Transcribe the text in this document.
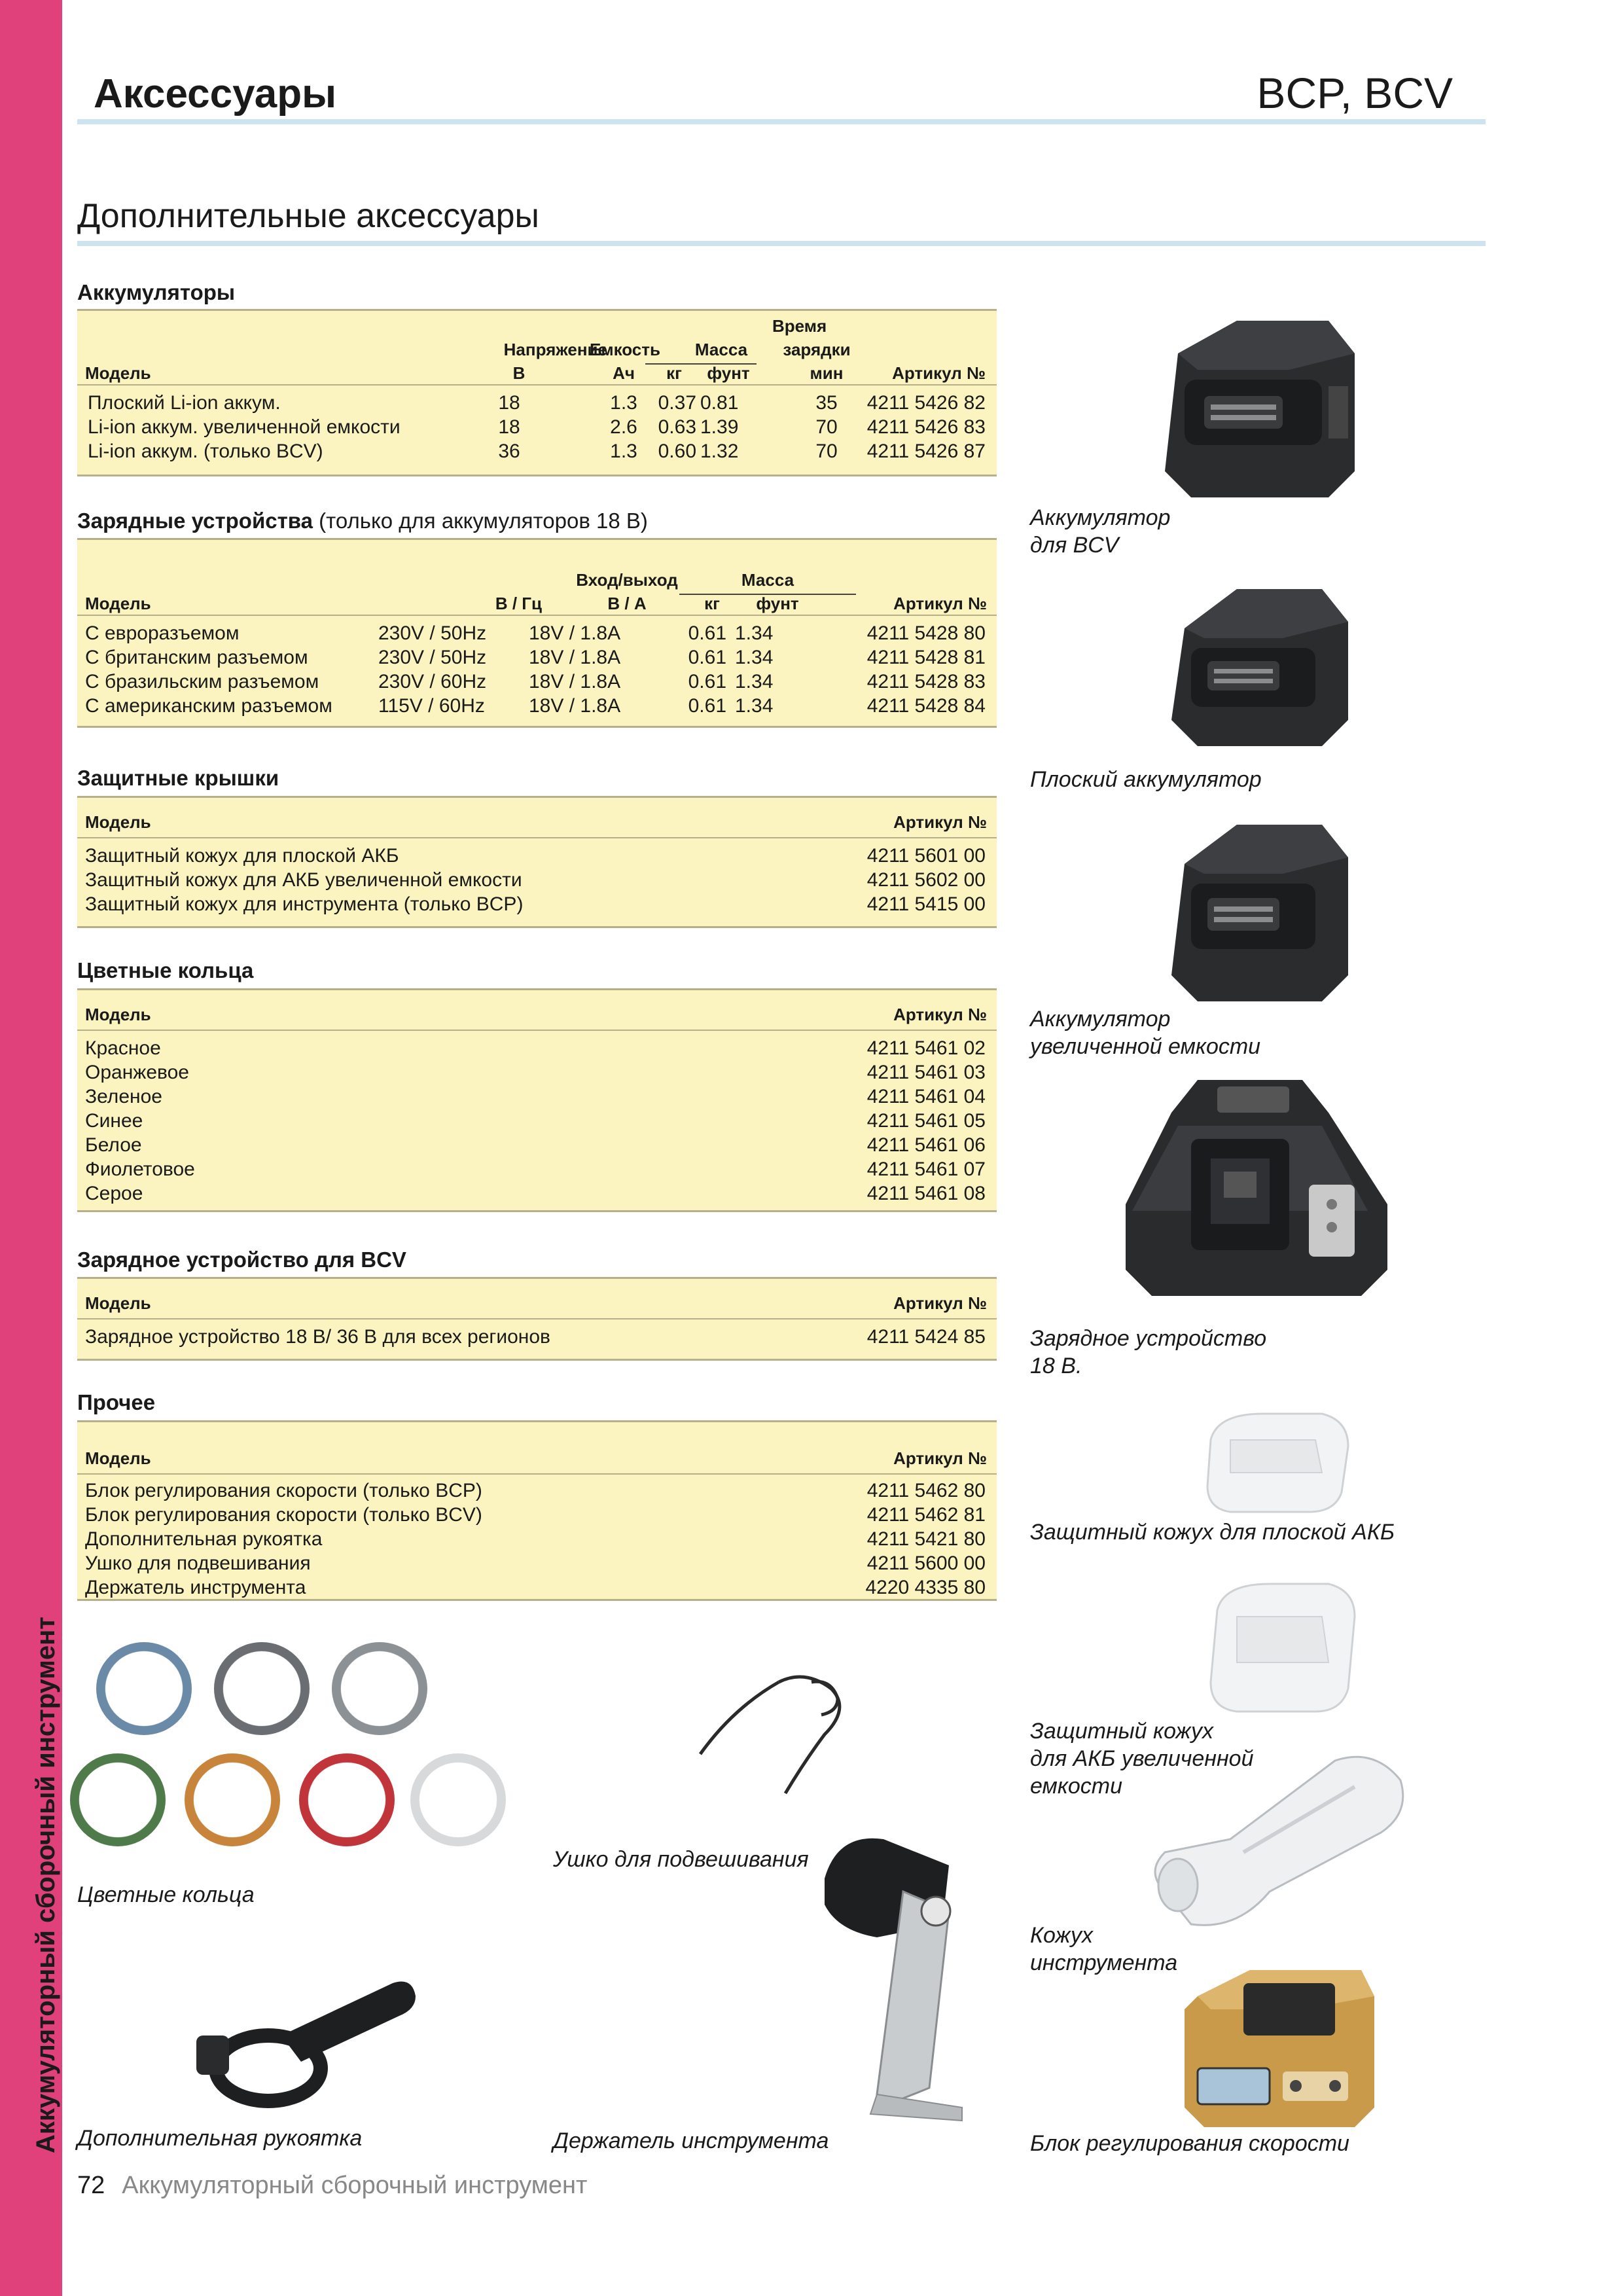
Аккумуляторный сборочный инструмент
Аксессуары	BCP, BCV
Дополнительные аксессуары
Аккумуляторы
Время
Напряжение
Емкость	Масса	зарядки
Модель	В	Ач	кг	фунт	мин	Артикул №
Плоский Li-ion аккум.	18	1.3	0.37 0.81	35	4211 5426 82
Li-ion аккум. увеличенной емкости	18	2.6	0.63 1.39	70	4211 5426 83
Li-ion аккум. (только BCV)	36	1.3	0.60 1.32	70	4211 5426 87
Зарядные устройства (только для аккумуляторов 18 В)
Вход/выход	Масса
Модель	В / Гц	В / А	кг	фунт	Артикул №
С евроразъемом	230V / 50Hz 18V / 1.8A	0.61 1.34	4211 5428 80
С британским разъемом	230V / 50Hz 18V / 1.8A	0.61 1.34	4211 5428 81
С бразильским разъемом	230V / 60Hz 18V / 1.8A	0.61 1.34	4211 5428 83
С американским разъемом 115V / 60Hz 18V / 1.8A	0.61 1.34	4211 5428 84
Защитные крышки
Модель	Артикул №
Защитный кожух для плоской АКБ	4211 5601 00
Защитный кожух для АКБ увеличенной емкости	4211 5602 00
Защитный кожух для инструмента (только BCP)	4211 5415 00
Цветные кольца
Модель	Артикул №
Красное	4211 5461 02
Оранжевое	4211 5461 03
Зеленое	4211 5461 04
Синее	4211 5461 05
Белое	4211 5461 06
Фиолетовое	4211 5461 07
Серое	4211 5461 08
Зарядное устройство для BCV
Модель	Артикул №
Зарядное устройство 18 В/ 36 В для всех регионов	4211 5424 85
Прочее
Модель	Артикул №
Блок регулирования скорости (только BCP)	4211 5462 80
Блок регулирования скорости (только BCV)	4211 5462 81
Дополнительная рукоятка	4211 5421 80
Ушко для подвешивания	4211 5600 00
Держатель инструмента	4220 4335 80
Аккумулятор
для BCV
Плоский аккумулятор
Аккумулятор
увеличенной емкости
Зарядное устройство
18 В.
Защитный кожух для плоской АКБ
Защитный кожух
для АКБ увеличенной
емкости
Кожух
инструмента
Блок регулирования скорости
Цветные кольца
Ушко для подвешивания
Дополнительная рукоятка	Держатель инструмента
72 Аккумуляторный сборочный инструмент
